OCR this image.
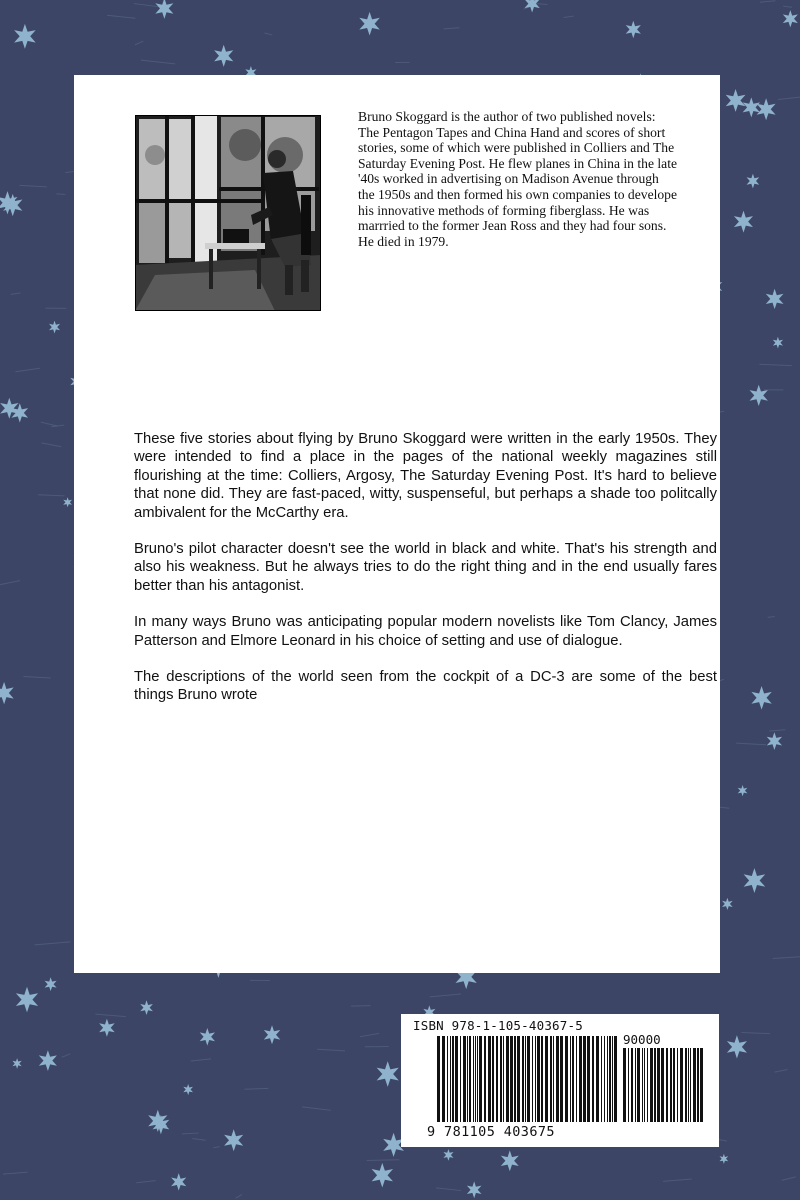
Bruno Skoggard is the author of two published novels: The Pentagon Tapes and China Hand and scores of short stories, some of which were published in Colliers and The Saturday Evening Post. He flew planes in China in the late '40s worked in advertising on Madison Avenue through the 1950s and then formed his own companies to develope his innovative methods of forming fiberglass. He was marrried to the former Jean Ross and they had four sons. He died in 1979.

These five stories about flying by Bruno Skoggard were written in the early 1950s. They were intended to find a place in the pages of the national weekly magazines still flourishing at the time: Colliers, Argosy, The Saturday Evening Post. It's hard to believe that none did. They are fast-paced, witty, suspenseful, but perhaps a shade too politcally ambivalent for the McCarthy era.

Bruno's pilot character doesn't see the world in black and white. That's his strength and also his weakness. But he always tries to do the right thing and in the end usually fares better than his antagonist.

In many ways Bruno was anticipating popular modern novelists like Tom Clancy, James Patterson and Elmore Leonard in his choice of setting and use of dialogue.

The descriptions of the world seen from the cockpit of a DC-3 are some of the best things Bruno wrote

ISBN 978-1-105-40367-5
90000
9 781105 403675
